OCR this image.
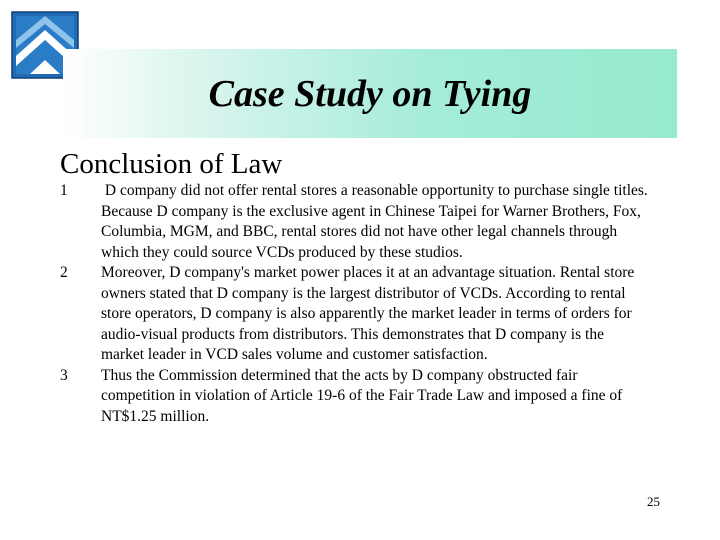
Case Study on Tying
Conclusion of Law
1 D company did not offer rental stores a reasonable opportunity to purchase single titles. Because D company is the exclusive agent in Chinese Taipei for Warner Brothers, Fox, Columbia, MGM, and BBC, rental stores did not have other legal channels through which they could source VCDs produced by these studios.
2 Moreover, D company's market power places it at an advantage situation. Rental store owners stated that D company is the largest distributor of VCDs. According to rental store operators, D company is also apparently the market leader in terms of orders for audio-visual products from distributors. This demonstrates that D company is the market leader in VCD sales volume and customer satisfaction.
3 Thus the Commission determined that the acts by D company obstructed fair competition in violation of Article 19-6 of the Fair Trade Law and imposed a fine of NT$1.25 million.
25
